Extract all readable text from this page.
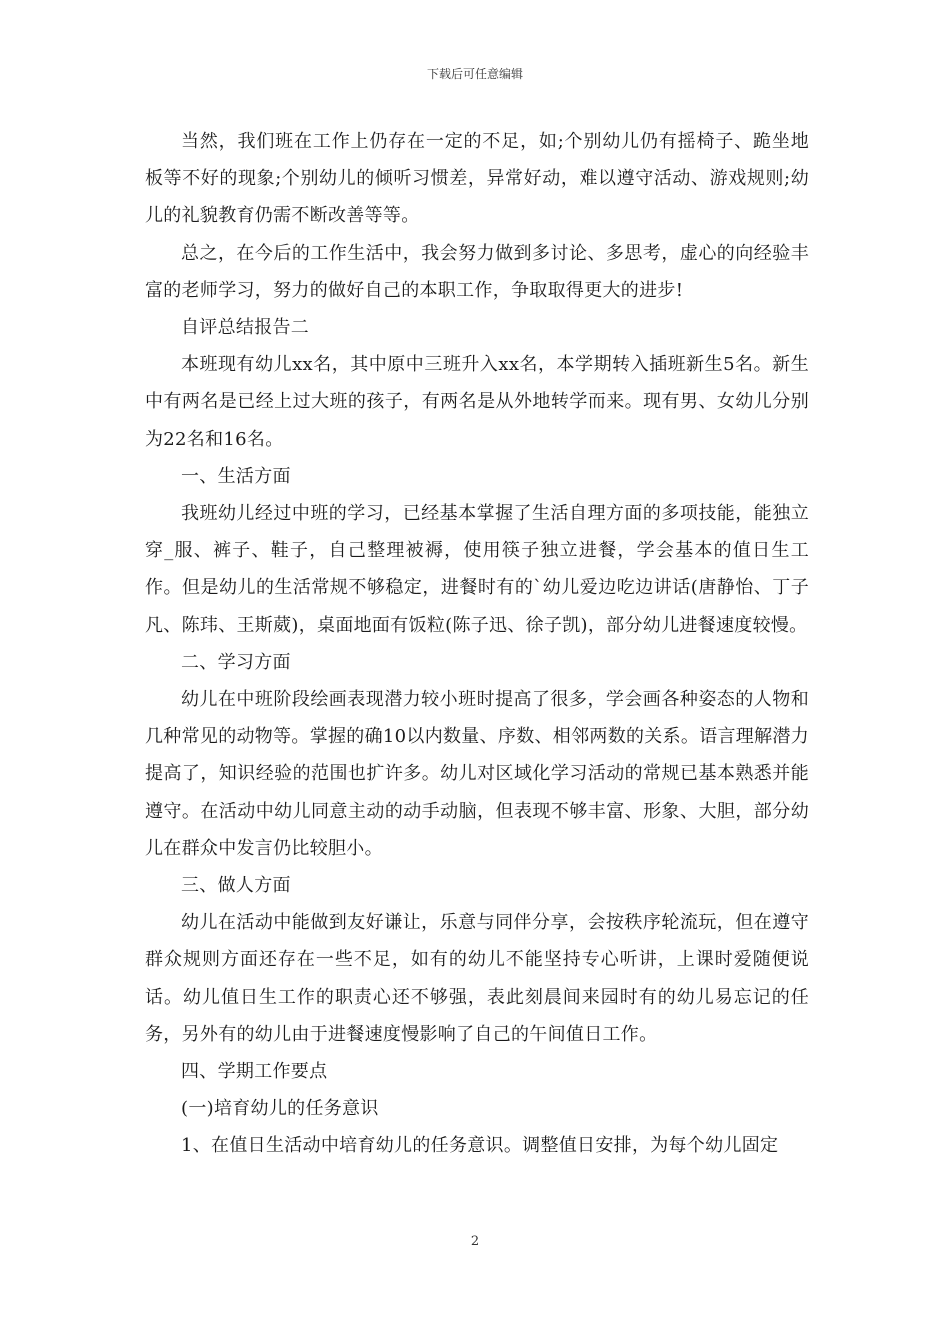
下载后可任意编辑

当然，我们班在工作上仍存在一定的不足，如;个别幼儿仍有摇椅子、跪坐地板等不好的现象;个别幼儿的倾听习惯差，异常好动，难以遵守活动、游戏规则;幼儿的礼貌教育仍需不断改善等等。

总之，在今后的工作生活中，我会努力做到多讨论、多思考，虚心的向经验丰富的老师学习，努力的做好自己的本职工作，争取取得更大的进步!

自评总结报告二

本班现有幼儿xx名，其中原中三班升入xx名，本学期转入插班新生5名。新生中有两名是已经上过大班的孩子，有两名是从外地转学而来。现有男、女幼儿分别为22名和16名。

一、生活方面

我班幼儿经过中班的学习，已经基本掌握了生活自理方面的多项技能，能独立穿_服、裤子、鞋子，自己整理被褥，使用筷子独立进餐，学会基本的值日生工作。但是幼儿的生活常规不够稳定，进餐时有的`幼儿爱边吃边讲话(唐静怡、丁子凡、陈玮、王斯葳)，桌面地面有饭粒(陈子迅、徐子凯)，部分幼儿进餐速度较慢。

二、学习方面

幼儿在中班阶段绘画表现潜力较小班时提高了很多，学会画各种姿态的人物和几种常见的动物等。掌握的确10以内数量、序数、相邻两数的关系。语言理解潜力提高了，知识经验的范围也扩许多。幼儿对区域化学习活动的常规已基本熟悉并能遵守。在活动中幼儿同意主动的动手动脑，但表现不够丰富、形象、大胆，部分幼儿在群众中发言仍比较胆小。

三、做人方面

幼儿在活动中能做到友好谦让，乐意与同伴分享，会按秩序轮流玩，但在遵守群众规则方面还存在一些不足，如有的幼儿不能坚持专心听讲，上课时爱随便说话。幼儿值日生工作的职责心还不够强，表此刻晨间来园时有的幼儿易忘记的任务，另外有的幼儿由于进餐速度慢影响了自己的午间值日工作。

四、学期工作要点

(一)培育幼儿的任务意识

1、在值日生活动中培育幼儿的任务意识。调整值日安排，为每个幼儿固定

2
